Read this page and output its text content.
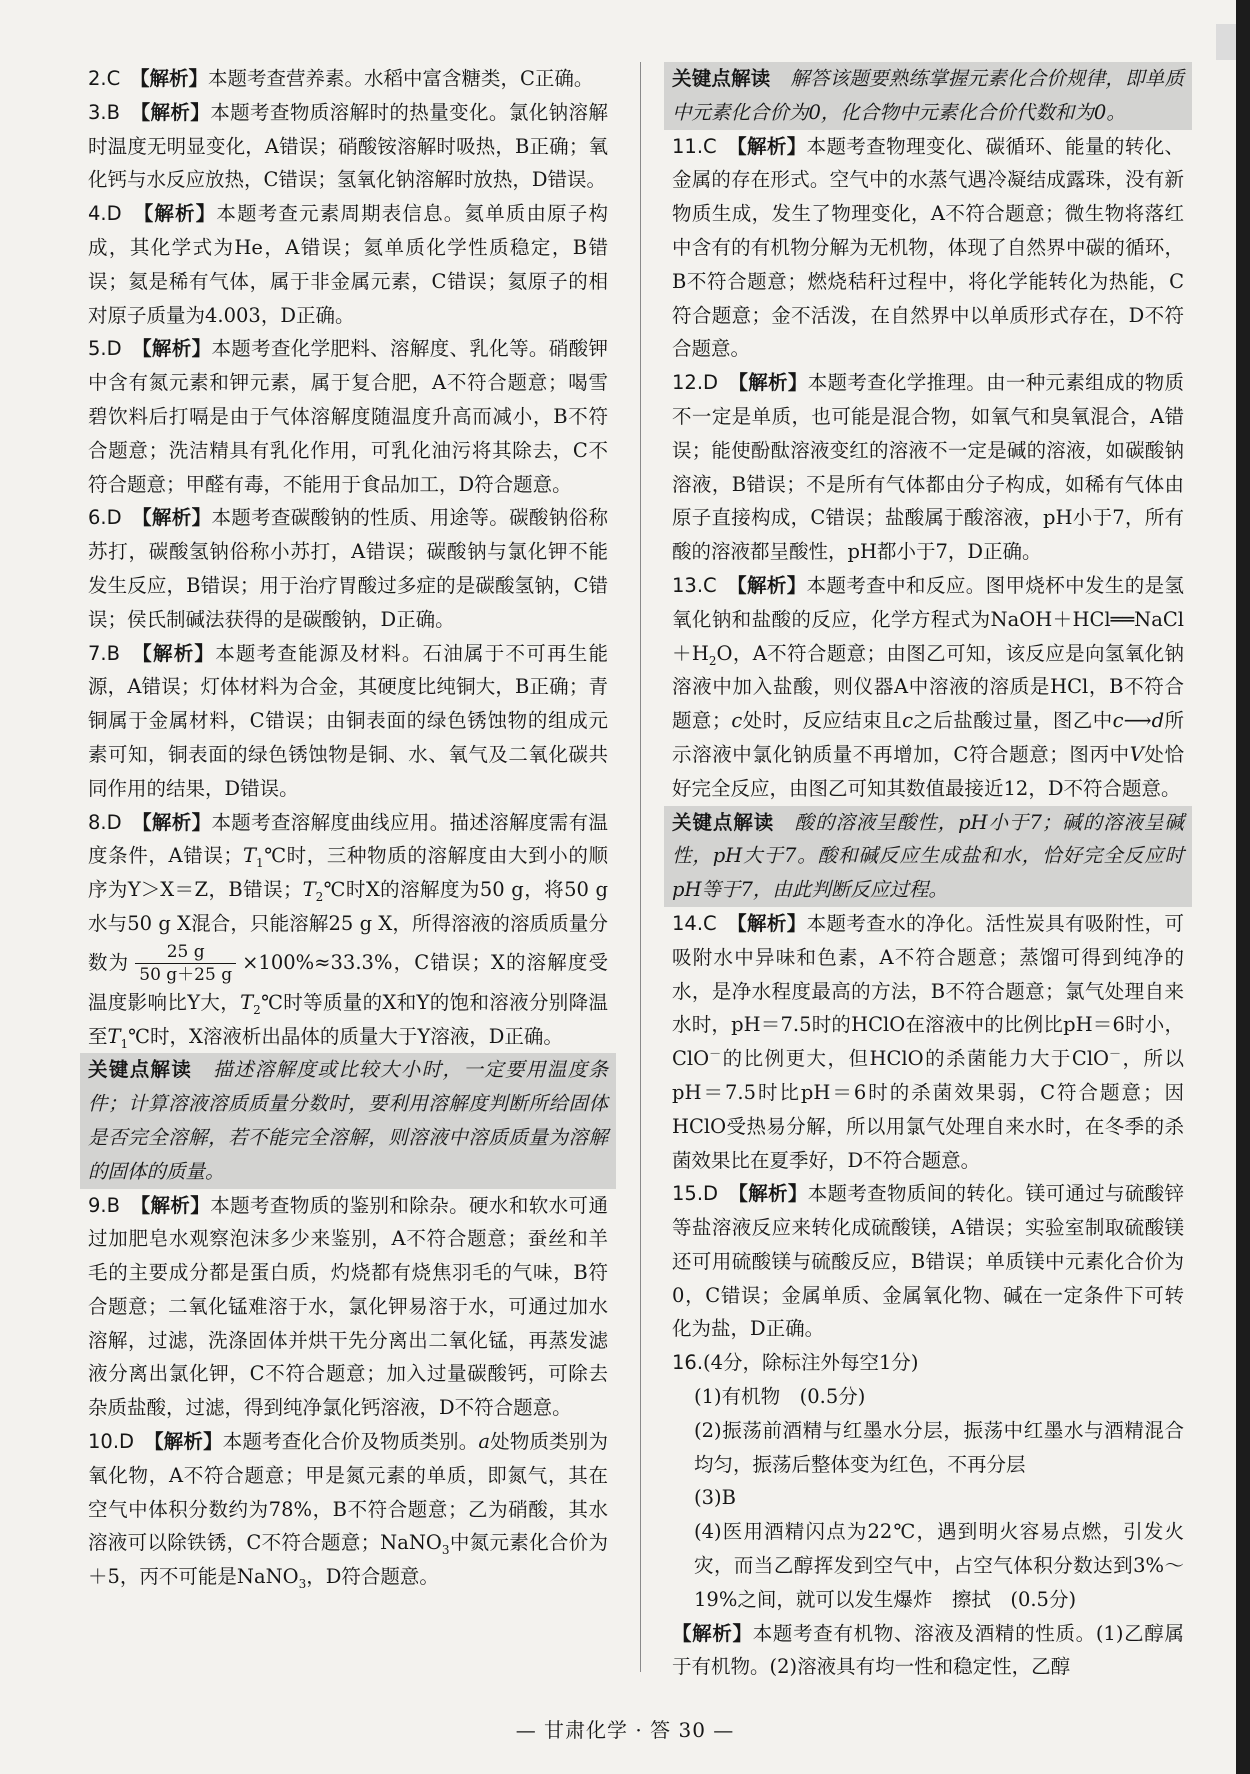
2.C　 【解析】本题考查营养素。水稻中富含糖类，C正确。

3.B　 【解析】本题考查物质溶解时的热量变化。氯化钠溶解时温度无明显变化，A错误；硝酸铵溶解时吸热，B正确；氧化钙与水反应放热，C错误；氢氧化钠溶解时放热，D错误。

4.D　 【解析】本题考查元素周期表信息。氦单质由原子构成，其化学式为He，A错误；氦单质化学性质稳定，B错误；氦是稀有气体，属于非金属元素，C错误；氦原子的相对原子质量为4.003，D正确。

5.D　 【解析】本题考查化学肥料、溶解度、乳化等。硝酸钾中含有氮元素和钾元素，属于复合肥，A不符合题意；喝雪碧饮料后打嗝是由于气体溶解度随温度升高而减小，B不符合题意；洗洁精具有乳化作用，可乳化油污将其除去，C不符合题意；甲醛有毒，不能用于食品加工，D符合题意。

6.D　 【解析】本题考查碳酸钠的性质、用途等。碳酸钠俗称苏打，碳酸氢钠俗称小苏打，A错误；碳酸钠与氯化钾不能发生反应，B错误；用于治疗胃酸过多症的是碳酸氢钠，C错误；侯氏制碱法获得的是碳酸钠，D正确。

7.B　 【解析】本题考查能源及材料。石油属于不可再生能源，A错误；灯体材料为合金，其硬度比纯铜大，B正确；青铜属于金属材料，C错误；由铜表面的绿色锈蚀物的组成元素可知，铜表面的绿色锈蚀物是铜、水、氧气及二氧化碳共同作用的结果，D错误。

8.D　 【解析】本题考查溶解度曲线应用。描述溶解度需有温度条件，A错误；$T_1℃$时，三种物质的溶解度由大到小的顺序为Y＞X＝Z，B错误；$T_2℃$时X的溶解度为50 g，将50 g水与50 g X混合，只能溶解25 g X，所得溶液的溶质质量分数为 $\frac{25 g}{50 g+25 g} \times 100\%\approx 33.3\%$，C错误；X的溶解度受温度影响比Y大，$T_2℃$时等质量的X和Y的饱和溶液分别降温至$T_1℃$时，X溶液析出晶体的质量大于Y溶液，D正确。

关键点解读　 描述溶解度或比较大小时，一定要用温度条件；计算溶液溶质质量分数时，要利用溶解度判断所给固体是否完全溶解，若不能完全溶解，则溶液中溶质质量为溶解的固体的质量。

9.B　 【解析】本题考查物质的鉴别和除杂。硬水和软水可通过加肥皂水观察泡沫多少来鉴别，A不符合题意；蚕丝和羊毛的主要成分都是蛋白质，灼烧都有烧焦羽毛的气味，B符合题意；二氧化锰难溶于水，氯化钾易溶于水，可通过加水溶解，过滤，洗涤固体并烘干先分离出二氧化锰，再蒸发滤液分离出氯化钾，C不符合题意；加入过量碳酸钙，可除去杂质盐酸，过滤，得到纯净氯化钙溶液，D不符合题意。

10.D　 【解析】本题考查化合价及物质类别。a处物质类别为氧化物，A不符合题意；甲是氮元素的单质，即氮气，其在空气中体积分数约为78%，B不符合题意；乙为硝酸，其水溶液可以除铁锈，C不符合题意；NaNO$_3$中氮元素化合价为＋5，丙不可能是NaNO$_3$，D符合题意。

关键点解读　 解答该题要熟练掌握元素化合价规律，即单质中元素化合价为0，化合物中元素化合价代数和为0。

11.C　 【解析】本题考查物理变化、碳循环、能量的转化、金属的存在形式。空气中的水蒸气遇冷凝结成露珠，没有新物质生成，发生了物理变化，A不符合题意；微生物将落红中含有的有机物分解为无机物，体现了自然界中碳的循环，B不符合题意；燃烧秸秆过程中，将化学能转化为热能，C符合题意；金不活泼，在自然界中以单质形式存在，D不符合题意。

12.D　 【解析】本题考查化学推理。由一种元素组成的物质不一定是单质，也可能是混合物，如氧气和臭氧混合，A错误；能使酚酞溶液变红的溶液不一定是碱的溶液，如碳酸钠溶液，B错误；不是所有气体都由分子构成，如稀有气体由原子直接构成，C错误；盐酸属于酸溶液，pH小于7，所有酸的溶液都呈酸性，pH都小于7，D正确。

13.C　 【解析】本题考查中和反应。图甲烧杯中发生的是氢氧化钠和盐酸的反应，化学方程式为$NaOH+HCl══NaCl+H_2O$，A不符合题意；由图乙可知，该反应是向氢氧化钠溶液中加入盐酸，则仪器A中溶液的溶质是HCl，B不符合题意；c处时，反应结束且c之后盐酸过量，图乙中c⟶d所示溶液中氯化钠质量不再增加，C符合题意；图丙中V处恰好完全反应，由图乙可知其数值最接近12，D不符合题意。

关键点解读　 酸的溶液呈酸性，pH小于7；碱的溶液呈碱性，pH大于7。酸和碱反应生成盐和水，恰好完全反应时pH等于7，由此判断反应过程。

14.C　 【解析】本题考查水的净化。活性炭具有吸附性，可吸附水中异味和色素，A不符合题意；蒸馏可得到纯净的水，是净水程度最高的方法，B不符合题意；氯气处理自来水时，pH＝7.5时的HClO在溶液中的比例比pH＝6时小，ClO－的比例更大，但HClO的杀菌能力大于ClO－，所以pH＝7.5时比pH＝6时的杀菌效果弱，C符合题意；因HClO受热易分解，所以用氯气处理自来水时，在冬季的杀菌效果比在夏季好，D不符合题意。

15.D　 【解析】本题考查物质间的转化。镁可通过与硫酸锌等盐溶液反应来转化成硫酸镁，A错误；实验室制取硫酸镁还可用硫酸镁与硫酸反应，B错误；单质镁中元素化合价为0，C错误；金属单质、金属氧化物、碱在一定条件下可转化为盐，D正确。

16.(4分，除标注外每空1分)

(1)有机物　(0.5分)

(2)振荡前酒精与红墨水分层，振荡中红墨水与酒精混合均匀，振荡后整体变为红色，不再分层

(3)B

(4)医用酒精闪点为22℃，遇到明火容易点燃，引发火灾，而当乙醇挥发到空气中，占空气体积分数达到3%～19%之间，就可以发生爆炸　擦拭　(0.5分)

【解析】本题考查有机物、溶液及酒精的性质。(1)乙醇属于有机物。(2)溶液具有均一性和稳定性，乙醇

— 甘肃化学 · 答 30 —
